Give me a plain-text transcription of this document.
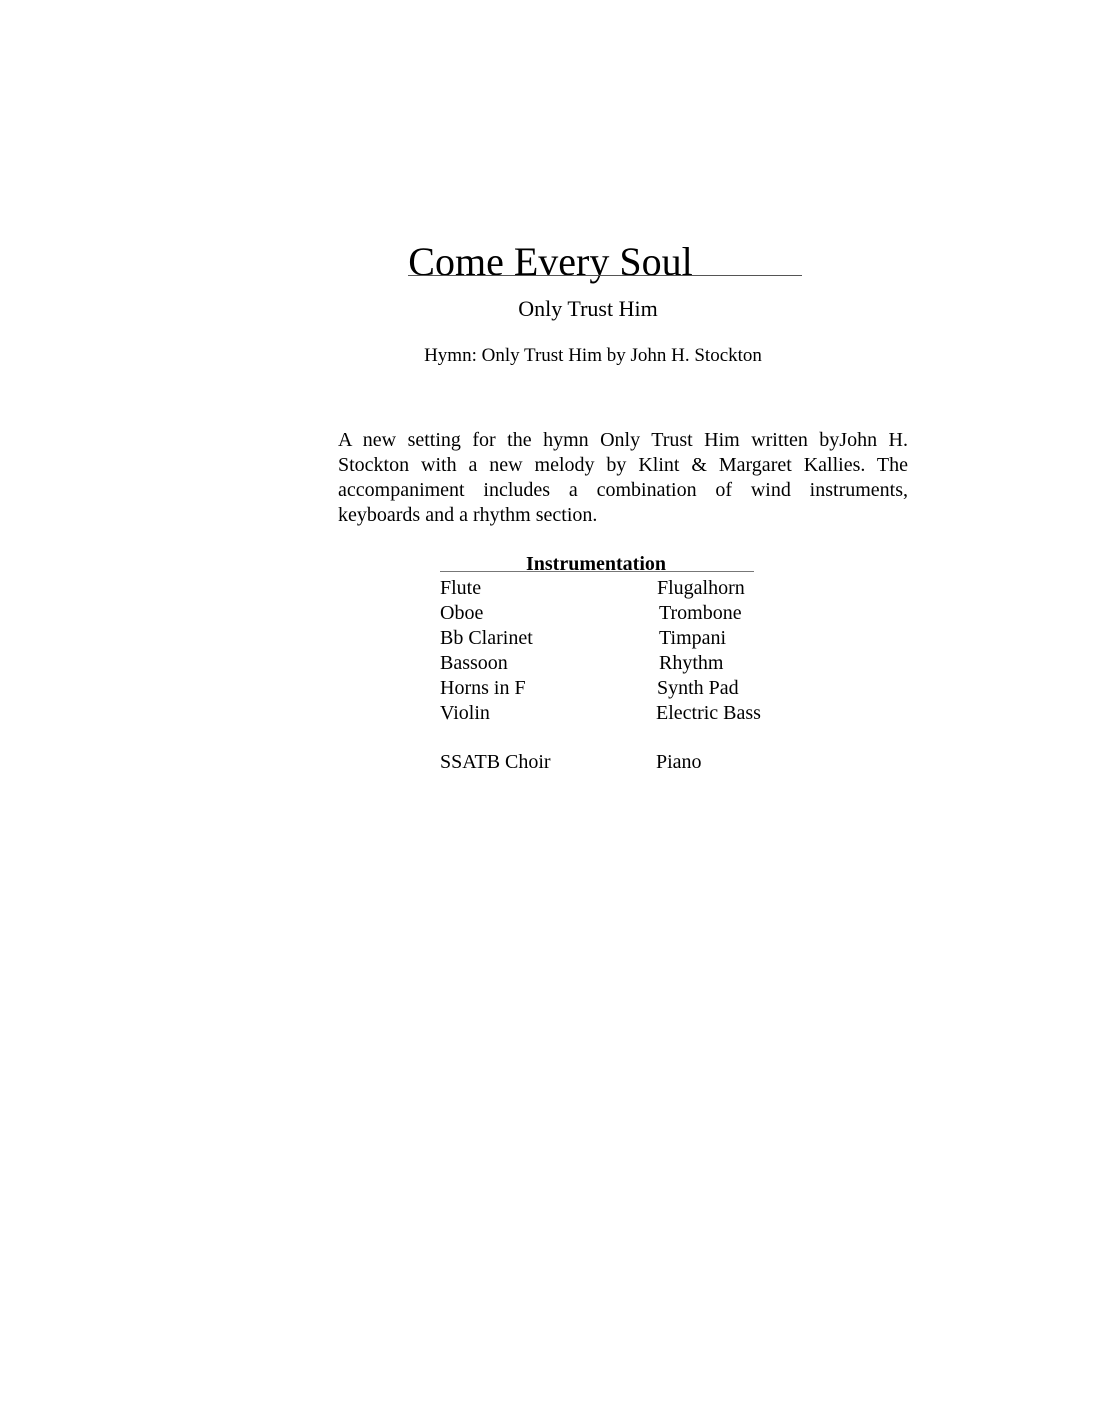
Come Every Soul
Only Trust Him
Hymn: Only Trust Him by John H. Stockton
A new setting for the hymn Only Trust Him written byJohn H. Stockton with a new melody by Klint & Margaret Kallies. The accompaniment includes a combination of wind instruments, keyboards and a rhythm section.
Instrumentation
Flute
Oboe
Bb Clarinet
Bassoon
Horns in F
Violin
Flugalhorn
Trombone
Timpani
Rhythm
Synth Pad
Electric Bass
SSATB Choir	Piano
